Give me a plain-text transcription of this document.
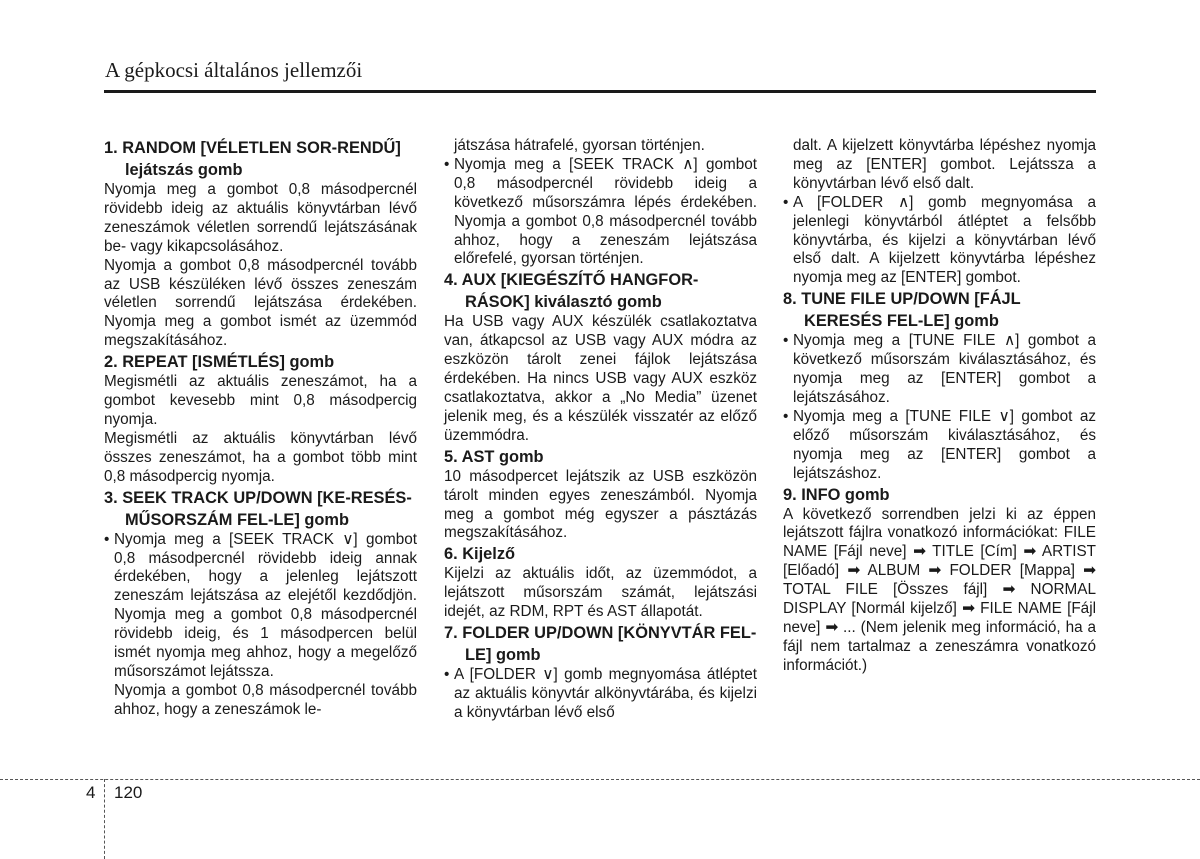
A gépkocsi általános jellemzői
1. RANDOM [VÉLETLEN SOR-RENDŰ] lejátszás gomb

Nyomja meg a gombot 0,8 másodpercnél rövidebb ideig az aktuális könyvtárban lévő zeneszámok véletlen sorrendű lejátszásának be- vagy kikapcsolásához.

Nyomja a gombot 0,8 másodpercnél tovább az USB készüléken lévő összes zeneszám véletlen sorrendű lejátszása érdekében. Nyomja meg a gombot ismét az üzemmód megszakításához.

2. REPEAT [ISMÉTLÉS] gomb

Megismétli az aktuális zeneszámot, ha a gombot kevesebb mint 0,8 másodpercig nyomja.

Megismétli az aktuális könyvtárban lévő összes zeneszámot, ha a gombot több mint 0,8 másodpercig nyomja.

3. SEEK TRACK UP/DOWN [KE-RESÉS-MŰSORSZÁM FEL-LE] gomb
• Nyomja meg a [SEEK TRACK ∨] gombot 0,8 másodpercnél rövidebb ideig annak érdekében, hogy a jelenleg lejátszott zeneszám lejátszása az elejétől kezdődjön. Nyomja meg a gombot 0,8 másodpercnél rövidebb ideig, és 1 másodpercen belül ismét nyomja meg ahhoz, hogy a megelőző műsorszámot lejátssza.

Nyomja a gombot 0,8 másodpercnél tovább ahhoz, hogy a zeneszámok le-

játszása hátrafelé, gyorsan történjen.

• Nyomja meg a [SEEK TRACK ∧] gombot 0,8 másodpercnél rövidebb ideig a következő műsorszámra lépés érdekében. Nyomja a gombot 0,8 másodpercnél tovább ahhoz, hogy a zeneszám lejátszása előrefelé, gyorsan történjen.
4. AUX [KIEGÉSZÍTŐ HANGFOR-RÁSOK] kiválasztó gomb

Ha USB vagy AUX készülék csatlakoztatva van, átkapcsol az USB vagy AUX módra az eszközön tárolt zenei fájlok lejátszása érdekében. Ha nincs USB vagy AUX eszköz csatlakoztatva, akkor a „No Media” üzenet jelenik meg, és a készülék visszatér az előző üzemmódra.

5. AST gomb

10 másodpercet lejátszik az USB eszközön tárolt minden egyes zeneszámból. Nyomja meg a gombot még egyszer a pásztázás megszakításához.

6. Kijelző

Kijelzi az aktuális időt, az üzemmódot, a lejátszott műsorszám számát, lejátszási idejét, az RDM, RPT és AST állapotát.

7. FOLDER UP/DOWN [KÖNYVTÁR FEL-LE] gomb
• A [FOLDER ∨] gomb megnyomása átléptet az aktuális könyvtár alkönyvtárába, és kijelzi a könyvtárban lévő első

dalt. A kijelzett könyvtárba lépéshez nyomja meg az [ENTER] gombot. Lejátssza a könyvtárban lévő első dalt.

• A [FOLDER ∧] gomb megnyomása a jelenlegi könyvtárból átléptet a felsőbb könyvtárba, és kijelzi a könyvtárban lévő első dalt. A kijelzett könyvtárba lépéshez nyomja meg az [ENTER] gombot.
8. TUNE FILE UP/DOWN [FÁJL KERESÉS FEL-LE] gomb
• Nyomja meg a [TUNE FILE ∧] gombot a következő műsorszám kiválasztásához, és nyomja meg az [ENTER] gombot a lejátszásához.
• Nyomja meg a [TUNE FILE ∨] gombot az előző műsorszám kiválasztásához, és nyomja meg az [ENTER] gombot a lejátszáshoz.
9. INFO gomb

A következő sorrendben jelzi ki az éppen lejátszott fájlra vonatkozó információkat: FILE NAME [Fájl neve] ➡ TITLE [Cím] ➡ ARTIST [Előadó] ➡ ALBUM ➡ FOLDER [Mappa] ➡ TOTAL FILE [Összes fájl] ➡ NORMAL DISPLAY [Normál kijelző] ➡ FILE NAME [Fájl neve] ➡ ... (Nem jelenik meg információ, ha a fájl nem tartalmaz a zeneszámra vonatkozó információt.)

4 120
